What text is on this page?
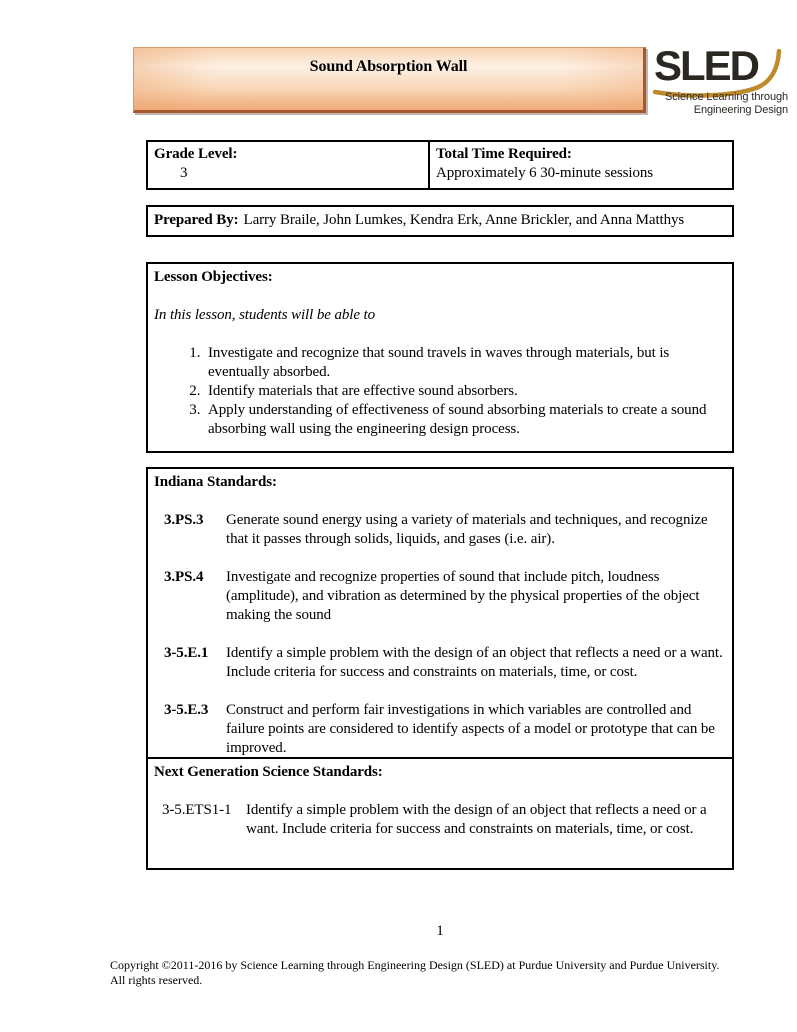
Sound Absorption Wall	SLED
Science Learning through
Engineering Design
Grade Level:
3
Total Time Required:
Approximately 6 30-minute sessions
Prepared By: Larry Braile, John Lumkes, Kendra Erk, Anne Brickler, and Anna Matthys
Lesson Objectives:
In this lesson, students will be able to
1. Investigate and recognize that sound travels in waves through materials, but is eventually absorbed.
2. Identify materials that are effective sound absorbers.
3. Apply understanding of effectiveness of sound absorbing materials to create a sound absorbing wall using the engineering design process.
Indiana Standards:
3.PS.3	Generate sound energy using a variety of materials and techniques, and recognize that it passes through solids, liquids, and gases (i.e. air).
3.PS.4	Investigate and recognize properties of sound that include pitch, loudness (amplitude), and vibration as determined by the physical properties of the object making the sound
3-5.E.1	Identify a simple problem with the design of an object that reflects a need or a want. Include criteria for success and constraints on materials, time, or cost.
3-5.E.3	Construct and perform fair investigations in which variables are controlled and failure points are considered to identify aspects of a model or prototype that can be improved.
Next Generation Science Standards:
3-5.ETS1-1 Identify a simple problem with the design of an object that reflects a need or a want. Include criteria for success and constraints on materials, time, or cost.
1
Copyright ©2011-2016 by Science Learning through Engineering Design (SLED) at Purdue University and Purdue University.
All rights reserved.
